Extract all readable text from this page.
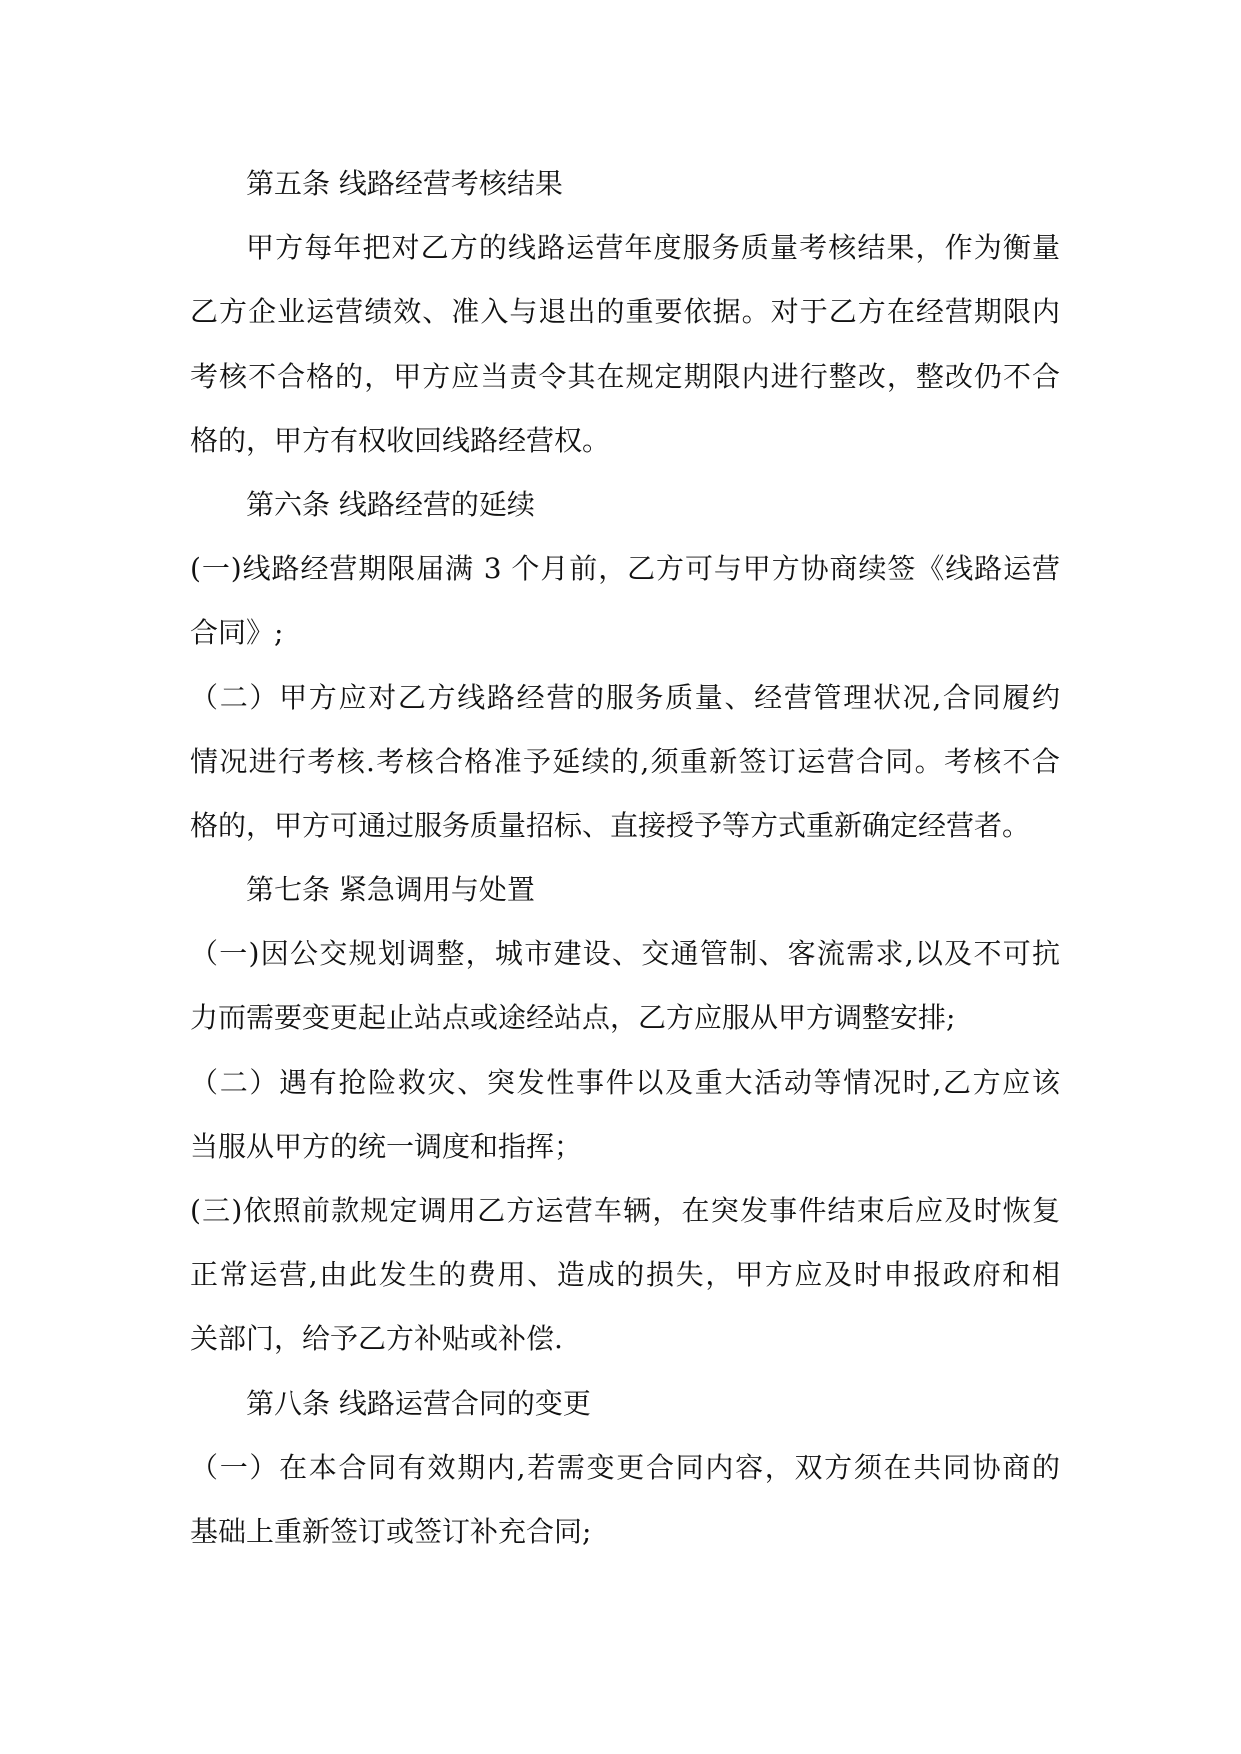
第五条 线路经营考核结果
甲方每年把对乙方的线路运营年度服务质量考核结果，作为衡量
乙方企业运营绩效、准入与退出的重要依据。对于乙方在经营期限内
考核不合格的，甲方应当责令其在规定期限内进行整改，整改仍不合
格的，甲方有权收回线路经营权。
第六条 线路经营的延续
(一)线路经营期限届满 3 个月前，乙方可与甲方协商续签《线路运营
合同》;
（二）甲方应对乙方线路经营的服务质量、经营管理状况,合同履约
情况进行考核.考核合格准予延续的,须重新签订运营合同。考核不合
格的，甲方可通过服务质量招标、直接授予等方式重新确定经营者。
第七条 紧急调用与处置
（一)因公交规划调整，城市建设、交通管制、客流需求,以及不可抗
力而需要变更起止站点或途经站点，乙方应服从甲方调整安排;
（二）遇有抢险救灾、突发性事件以及重大活动等情况时,乙方应该
当服从甲方的统一调度和指挥；
(三)依照前款规定调用乙方运营车辆，在突发事件结束后应及时恢复
正常运营,由此发生的费用、造成的损失，甲方应及时申报政府和相
关部门，给予乙方补贴或补偿.
第八条 线路运营合同的变更
（一）在本合同有效期内,若需变更合同内容，双方须在共同协商的
基础上重新签订或签订补充合同;
